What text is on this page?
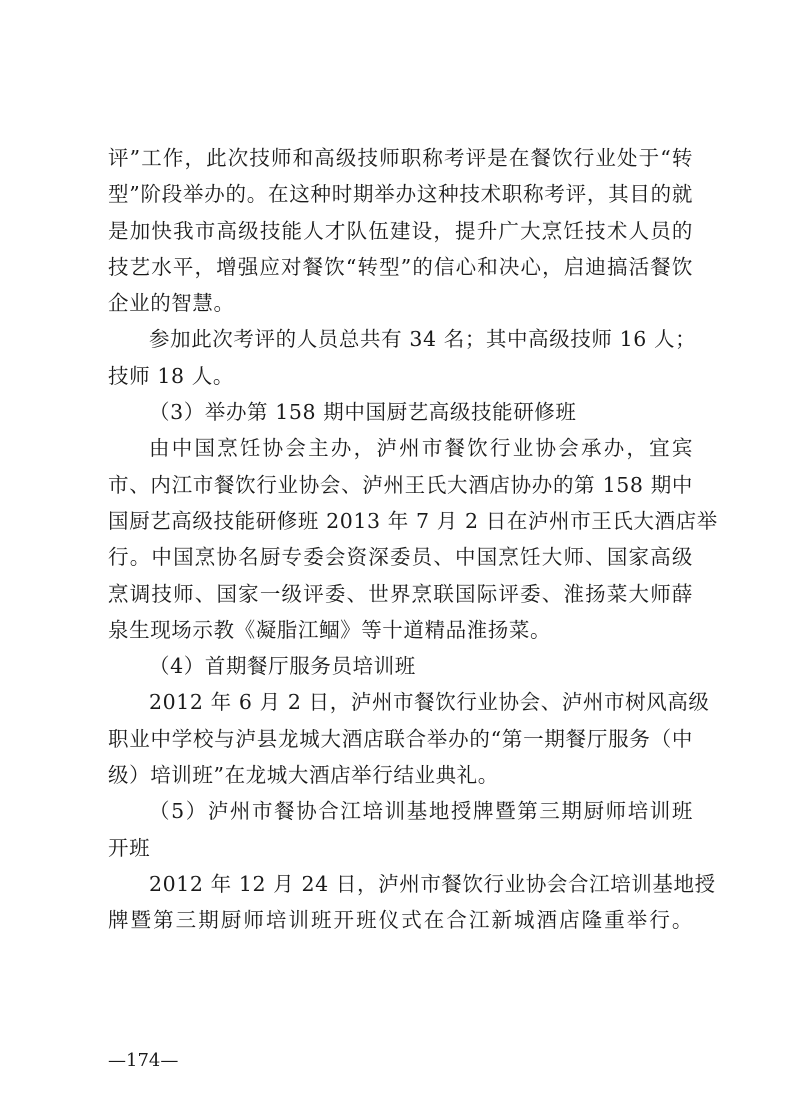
评”工作，此次技师和高级技师职称考评是在餐饮行业处于“转

型”阶段举办的。在这种时期举办这种技术职称考评，其目的就

是加快我市高级技能人才队伍建设，提升广大烹饪技术人员的

技艺水平，增强应对餐饮“转型”的信心和决心，启迪搞活餐饮

企业的智慧。

参加此次考评的人员总共有 34 名；其中高级技师 16 人；

技师 18 人。

（3）举办第 158 期中国厨艺高级技能研修班

由中国烹饪协会主办，泸州市餐饮行业协会承办，宜宾

市、内江市餐饮行业协会、泸州王氏大酒店协办的第 158 期中

国厨艺高级技能研修班 2013 年 7 月 2 日在泸州市王氏大酒店举

行。中国烹协名厨专委会资深委员、中国烹饪大师、国家高级

烹调技师、国家一级评委、世界烹联国际评委、淮扬菜大师薛

泉生现场示教《凝脂江鲴》等十道精品淮扬菜。

（4）首期餐厅服务员培训班

2012 年 6 月 2 日，泸州市餐饮行业协会、泸州市树风高级

职业中学校与泸县龙城大酒店联合举办的“第一期餐厅服务（中

级）培训班”在龙城大酒店举行结业典礼。

（5）泸州市餐协合江培训基地授牌暨第三期厨师培训班

开班

2012 年 12 月 24 日，泸州市餐饮行业协会合江培训基地授

牌暨第三期厨师培训班开班仪式在合江新城酒店隆重举行。

—174—
